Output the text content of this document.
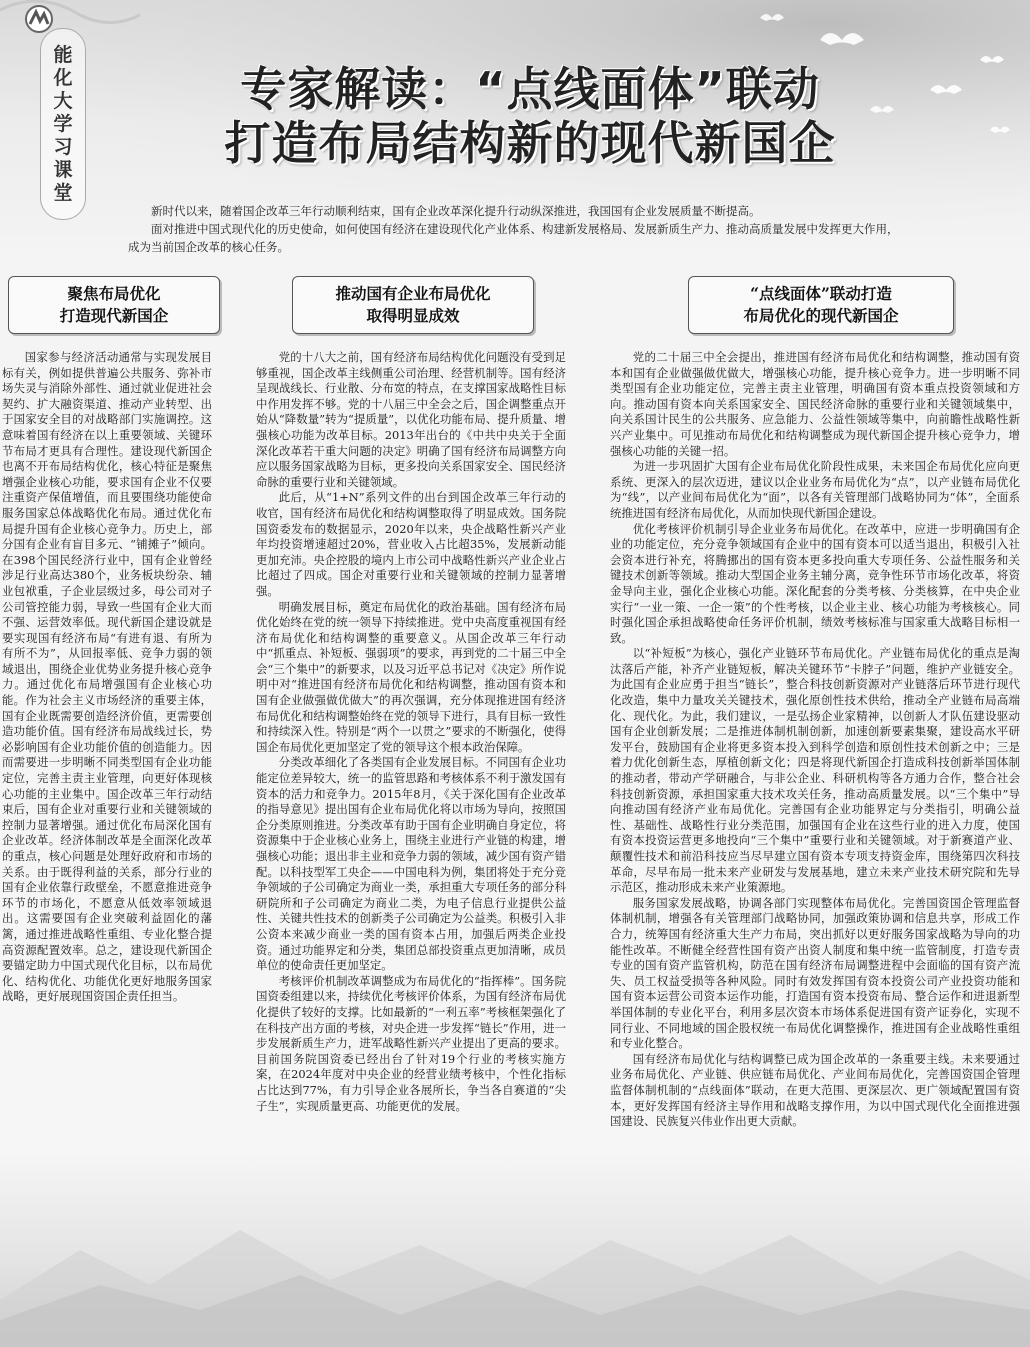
能化大学习课堂
专家解读：“点线面体”联动
打造布局结构新的现代新国企

新时代以来，随着国企改革三年行动顺利结束，国有企业改革深化提升行动纵深推进，我国国有企业发展质量不断提高。

面对推进中国式现代化的历史使命，如何使国有经济在建设现代化产业体系、构建新发展格局、发展新质生产力、推动高质量发展中发挥更大作用，成为当前国企改革的核心任务。

聚焦布局优化
打造现代新国企
推动国有企业布局优化
取得明显成效
“点线面体”联动打造
布局优化的现代新国企

国家参与经济活动通常与实现发展目标有关，例如提供普遍公共服务、弥补市场失灵与消除外部性、通过就业促进社会契约、扩大融资渠道、推动产业转型、出于国家安全目的对战略部门实施调控。这意味着国有经济在以上重要领域、关键环节布局才更具有合理性。建设现代新国企也离不开布局结构优化，核心特征是聚焦增强企业核心功能，要求国有企业不仅要注重资产保值增值，而且要围绕功能使命服务国家总体战略优化布局。通过优化布局提升国有企业核心竞争力。历史上，部分国有企业有盲目多元、“铺摊子”倾向。在398个国民经济行业中，国有企业曾经涉足行业高达380个，业务板块纷杂、辅业包袱重，子企业层级过多，母公司对子公司管控能力弱，导致一些国有企业大而不强、运营效率低。现代新国企建设就是要实现国有经济布局“有进有退、有所为有所不为”，从回报率低、竞争力弱的领域退出，围绕企业优势业务提升核心竞争力。通过优化布局增强国有企业核心功能。作为社会主义市场经济的重要主体，国有企业既需要创造经济价值，更需要创造功能价值。国有经济布局战线过长，势必影响国有企业功能价值的创造能力。因而需要进一步明晰不同类型国有企业功能定位，完善主责主业管理，向更好体现核心功能的主业集中。国企改革三年行动结束后，国有企业对重要行业和关键领域的控制力显著增强。通过优化布局深化国有企业改革。经济体制改革是全面深化改革的重点，核心问题是处理好政府和市场的关系。由于既得利益的关系，部分行业的国有企业依靠行政壁垒，不愿意推进竞争环节的市场化，不愿意从低效率领域退出。这需要国有企业突破利益固化的藩篱，通过推进战略性重组、专业化整合提高资源配置效率。总之，建设现代新国企要锚定助力中国式现代化目标，以布局优化、结构优化、功能优化更好地服务国家战略，更好展现国资国企责任担当。

党的十八大之前，国有经济布局结构优化问题没有受到足够重视，国企改革主线侧重公司治理、经营机制等。国有经济呈现战线长、行业散、分布宽的特点，在支撑国家战略性目标中作用发挥不够。党的十八届三中全会之后，国企调整重点开始从“降数量”转为“提质量”，以优化功能布局、提升质量、增强核心功能为改革目标。2013年出台的《中共中央关于全面深化改革若干重大问题的决定》明确了国有经济布局调整方向应以服务国家战略为目标，更多投向关系国家安全、国民经济命脉的重要行业和关键领域。

此后，从“1+N”系列文件的出台到国企改革三年行动的收官，国有经济布局优化和结构调整取得了明显成效。国务院国资委发布的数据显示，2020年以来，央企战略性新兴产业年均投资增速超过20%，营业收入占比超35%，发展新动能更加充沛。央企控股的境内上市公司中战略性新兴产业企业占比超过了四成。国企对重要行业和关键领域的控制力显著增强。

明确发展目标，奠定布局优化的政治基础。国有经济布局优化始终在党的统一领导下持续推进。党中央高度重视国有经济布局优化和结构调整的重要意义。从国企改革三年行动中“抓重点、补短板、强弱项”的要求，再到党的二十届三中全会“三个集中”的新要求，以及习近平总书记对《决定》所作说明中对“推进国有经济布局优化和结构调整，推动国有资本和国有企业做强做优做大”的再次强调，充分体现推进国有经济布局优化和结构调整始终在党的领导下进行，具有目标一致性和持续深入性。特别是“两个一以贯之”要求的不断强化，使得国企布局优化更加坚定了党的领导这个根本政治保障。

分类改革细化了各类国有企业发展目标。不同国有企业功能定位差异较大，统一的监管思路和考核体系不利于激发国有资本的活力和竞争力。2015年8月，《关于深化国有企业改革的指导意见》提出国有企业布局优化将以市场为导向，按照国企分类原则推进。分类改革有助于国有企业明确自身定位，将资源集中于企业核心业务上，围绕主业进行产业链的构建，增强核心功能；退出非主业和竞争力弱的领域，减少国有资产错配。以科技型军工央企——中国电科为例，集团将处于充分竞争领域的子公司确定为商业一类，承担重大专项任务的部分科研院所和子公司确定为商业二类，为电子信息行业提供公益性、关键共性技术的创新类子公司确定为公益类。积极引入非公资本来减少商业一类的国有资本占用，加强后两类企业投资。通过功能界定和分类，集团总部投资重点更加清晰，成员单位的使命责任更加坚定。

考核评价机制改革调整成为布局优化的“指挥棒”。国务院国资委组建以来，持续优化考核评价体系，为国有经济布局优化提供了较好的支撑。比如最新的“一利五率”考核框架强化了在科技产出方面的考核，对央企进一步发挥“链长”作用，进一步发展新质生产力，进军战略性新兴产业提出了更高的要求。目前国务院国资委已经出台了针对19个行业的考核实施方案，在2024年度对中央企业的经营业绩考核中，个性化指标占比达到77%，有力引导企业各展所长，争当各自赛道的“尖子生”，实现质量更高、功能更优的发展。

党的二十届三中全会提出，推进国有经济布局优化和结构调整，推动国有资本和国有企业做强做优做大，增强核心功能，提升核心竞争力。进一步明晰不同类型国有企业功能定位，完善主责主业管理，明确国有资本重点投资领域和方向。推动国有资本向关系国家安全、国民经济命脉的重要行业和关键领域集中，向关系国计民生的公共服务、应急能力、公益性领域等集中，向前瞻性战略性新兴产业集中。可见推动布局优化和结构调整成为现代新国企提升核心竞争力，增强核心功能的关键一招。

为进一步巩固扩大国有企业布局优化阶段性成果，未来国企布局优化应向更系统、更深入的层次迈进，建议以企业业务布局优化为“点”，以产业链布局优化为“线”，以产业间布局优化为“面”，以各有关管理部门战略协同为“体”，全面系统推进国有经济布局优化，从而加快现代新国企建设。

优化考核评价机制引导企业业务布局优化。在改革中，应进一步明确国有企业的功能定位，充分竞争领域国有企业中的国有资本可以适当退出，积极引入社会资本进行补充，将腾挪出的国有资本更多投向重大专项任务、公益性服务和关键技术创新等领域。推动大型国企业务主辅分离，竞争性环节市场化改革，将资金导向主业，强化企业核心功能。深化配套的分类考核、分类核算，在中央企业实行“一业一策、一企一策”的个性考核，以企业主业、核心功能为考核核心。同时强化国企承担战略使命任务评价机制，绩效考核标准与国家重大战略目标相一致。

以“补短板”为核心，强化产业链环节布局优化。产业链布局优化的重点是淘汰落后产能，补齐产业链短板，解决关键环节“卡脖子”问题，维护产业链安全。为此国有企业应勇于担当“链长”，整合科技创新资源对产业链落后环节进行现代化改造，集中力量攻关关键技术，强化原创性技术供给，推动全产业链布局高端化、现代化。为此，我们建议，一是弘扬企业家精神，以创新人才队伍建设驱动国有企业创新发展；二是推进体制机制创新，加速创新要素集聚，建设高水平研发平台，鼓励国有企业将更多资本投入到科学创造和原创性技术创新之中；三是着力优化创新生态，厚植创新文化；四是将现代新国企打造成科技创新举国体制的推动者，带动产学研融合，与非公企业、科研机构等各方通力合作，整合社会科技创新资源，承担国家重大技术攻关任务，推动高质量发展。以“三个集中”导向推动国有经济产业布局优化。完善国有企业功能界定与分类指引，明确公益性、基础性、战略性行业分类范围，加强国有企业在这些行业的进入力度，使国有资本投资运营更多地投向“三个集中”重要行业和关键领域。对于新赛道产业、颠覆性技术和前沿科技应当尽早建立国有资本专项支持资金库，围绕第四次科技革命，尽早布局一批未来产业研发与发展基地，建立未来产业技术研究院和先导示范区，推动形成未来产业策源地。

服务国家发展战略，协调各部门实现整体布局优化。完善国资国企管理监督体制机制，增强各有关管理部门战略协同，加强政策协调和信息共享，形成工作合力，统筹国有经济重大生产力布局，突出抓好以更好服务国家战略为导向的功能性改革。不断健全经营性国有资产出资人制度和集中统一监管制度，打造专责专业的国有资产监管机构，防范在国有经济布局调整进程中会面临的国有资产流失、员工权益受损等各种风险。同时有效发挥国有资本投资公司产业投资功能和国有资本运营公司资本运作功能，打造国有资本投资布局、整合运作和进退新型举国体制的专业化平台，利用多层次资本市场体系促进国有资产证券化，实现不同行业、不同地域的国企股权统一布局优化调整操作，推进国有企业战略性重组和专业化整合。

国有经济布局优化与结构调整已成为国企改革的一条重要主线。未来要通过业务布局优化、产业链、供应链布局优化、产业间布局优化，完善国资国企管理监督体制机制的“点线面体”联动，在更大范围、更深层次、更广领域配置国有资本，更好发挥国有经济主导作用和战略支撑作用，为以中国式现代化全面推进强国建设、民族复兴伟业作出更大贡献。
